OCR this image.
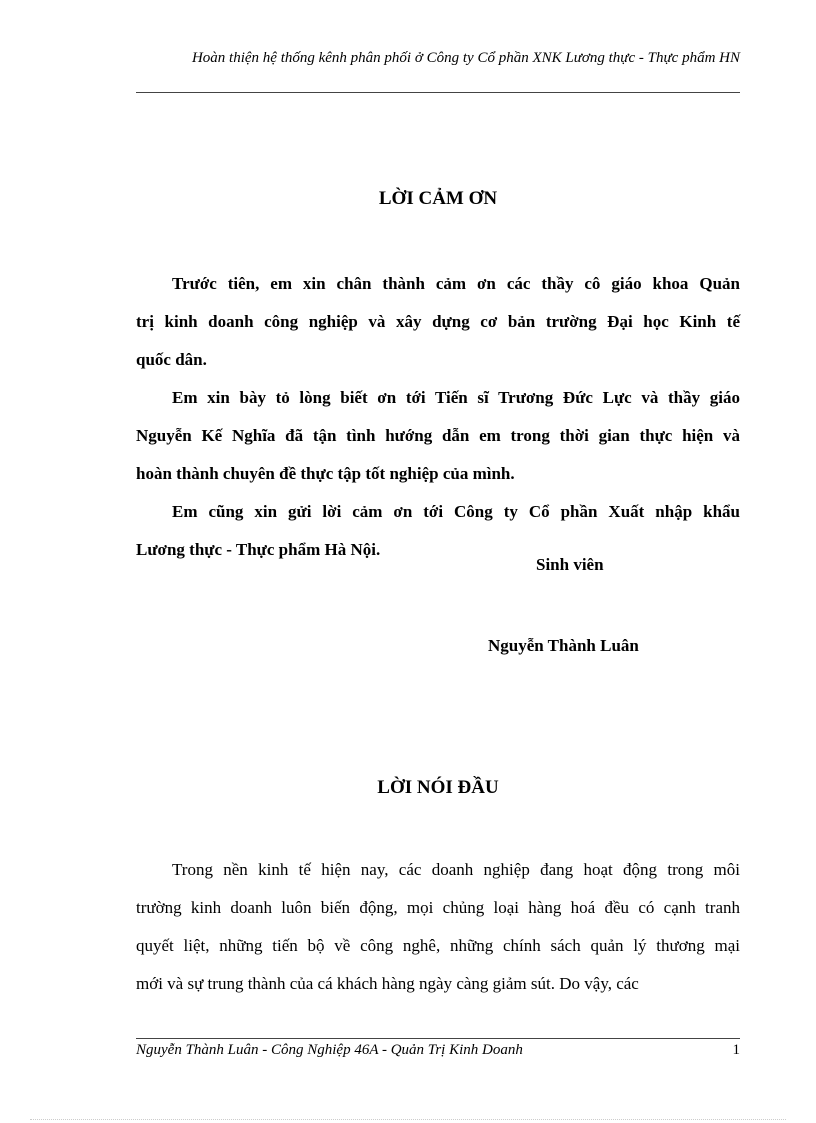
Hoàn thiện hệ thống kênh phân phối ở Công ty Cổ phần XNK Lương thực - Thực phẩm HN
LỜI CẢM ƠN
Trước tiên, em xin chân thành cảm ơn các thầy cô giáo khoa Quản
trị kinh doanh công nghiệp và xây dựng cơ bản trường Đại học Kinh tế
quốc dân.
Em xin bày tỏ lòng biết ơn tới Tiến sĩ Trương Đức Lực và thầy giáo
Nguyễn Kế Nghĩa đã tận tình hướng dẫn em trong thời gian thực hiện và
hoàn thành chuyên đề thực tập tốt nghiệp của mình.
Em cũng xin gửi lời cảm ơn tới Công ty Cổ phần Xuất nhập khẩu
Lương thực - Thực phẩm Hà Nội.
Sinh viên
Nguyễn Thành Luân
LỜI NÓI ĐẦU
Trong nền kinh tế hiện nay, các doanh nghiệp đang hoạt động trong môi
trường kinh doanh luôn biến động, mọi chủng loại hàng hoá đều có cạnh tranh
quyết liệt, những tiến bộ về công nghê, những chính sách quản lý thương mại
mới và sự trung thành của cá khách hàng ngày càng giảm sút. Do vậy, các
Nguyễn Thành Luân - Công Nghiệp 46A - Quản Trị Kinh Doanh	1
